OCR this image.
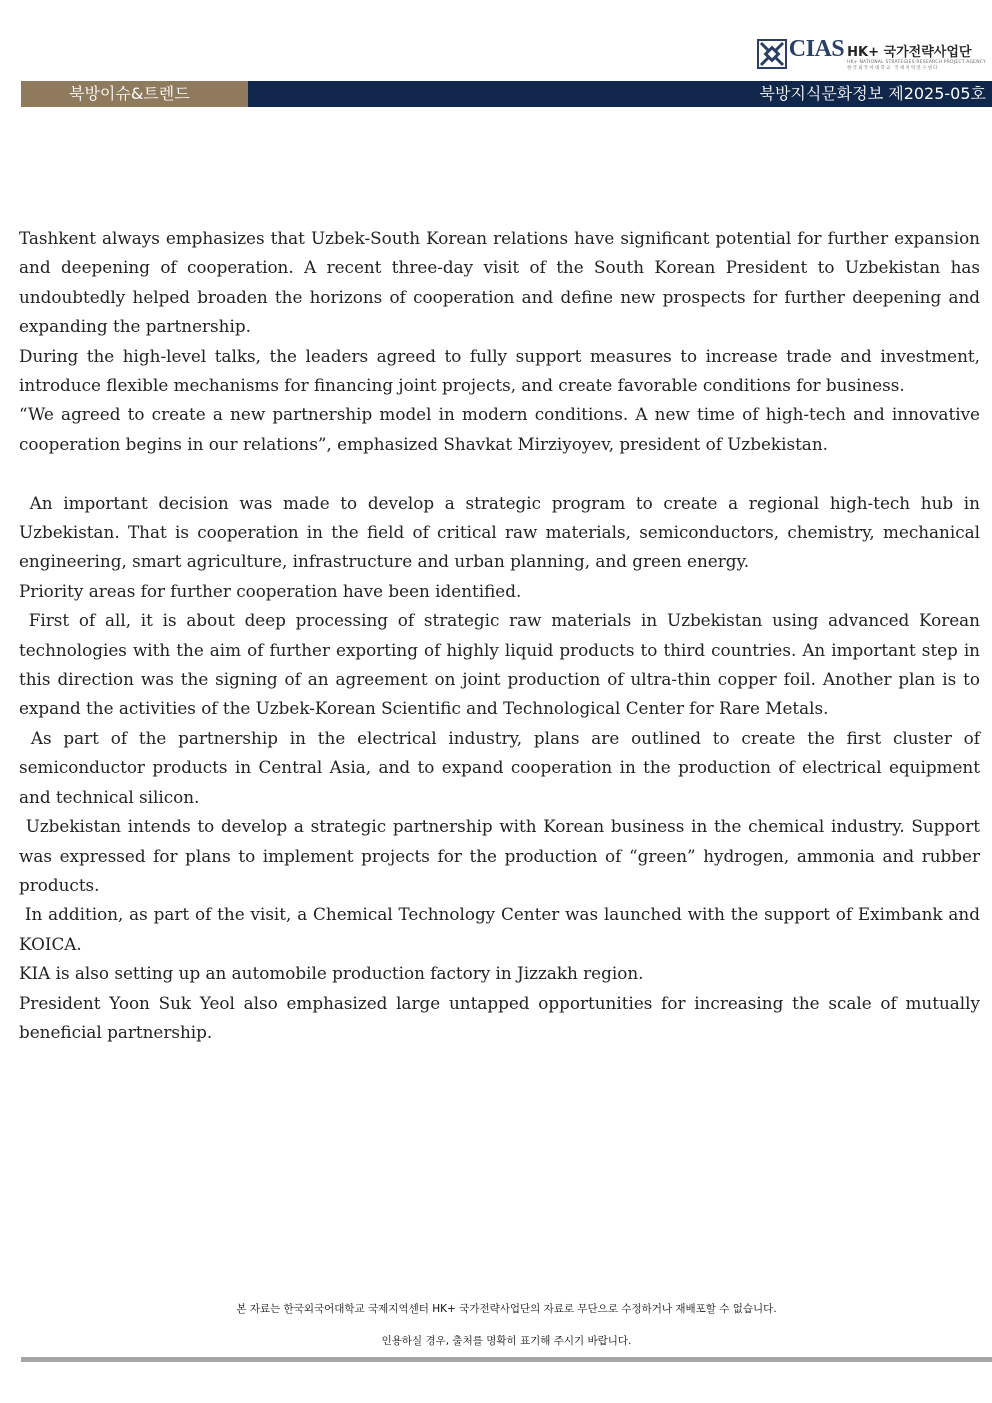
CIAS HK+ 국가전략사업단
HK+ NATIONAL STRATEGIES RESEARCH PROJECT AGENCY
한국외국어대학교 국제지역연구센터
북방이슈&트렌드	북방지식문화정보 제2025-05호

Tashkent always emphasizes that Uzbek-South Korean relations have significant potential for further expansion and deepening of cooperation. A recent three-day visit of the South Korean President to Uzbekistan has undoubtedly helped broaden the horizons of cooperation and define new prospects for further deepening and expanding the partnership.

During the high-level talks, the leaders agreed to fully support measures to increase trade and investment, introduce flexible mechanisms for financing joint projects, and create favorable conditions for business.

“We agreed to create a new partnership model in modern conditions. A new time of high-tech and innovative cooperation begins in our relations”, emphasized Shavkat Mirziyoyev, president of Uzbekistan.

An important decision was made to develop a strategic program to create a regional high-tech hub in Uzbekistan. That is cooperation in the field of critical raw materials, semiconductors, chemistry, mechanical engineering, smart agriculture, infrastructure and urban planning, and green energy.

Priority areas for further cooperation have been identified.

First of all, it is about deep processing of strategic raw materials in Uzbekistan using advanced Korean technologies with the aim of further exporting of highly liquid products to third countries. An important step in this direction was the signing of an agreement on joint production of ultra-thin copper foil. Another plan is to expand the activities of the Uzbek-Korean Scientific and Technological Center for Rare Metals.

As part of the partnership in the electrical industry, plans are outlined to create the first cluster of semiconductor products in Central Asia, and to expand cooperation in the production of electrical equipment and technical silicon.

Uzbekistan intends to develop a strategic partnership with Korean business in the chemical industry. Support was expressed for plans to implement projects for the production of “green” hydrogen, ammonia and rubber products.

In addition, as part of the visit, a Chemical Technology Center was launched with the support of Eximbank and KOICA.

KIA is also setting up an automobile production factory in Jizzakh region.

President Yoon Suk Yeol also emphasized large untapped opportunities for increasing the scale of mutually beneficial partnership.

본 자료는 한국외국어대학교 국제지역센터 HK+ 국가전략사업단의 자료로 무단으로 수정하거나 재배포할 수 없습니다.
인용하실 경우, 출처를 명확히 표기해 주시기 바랍니다.
